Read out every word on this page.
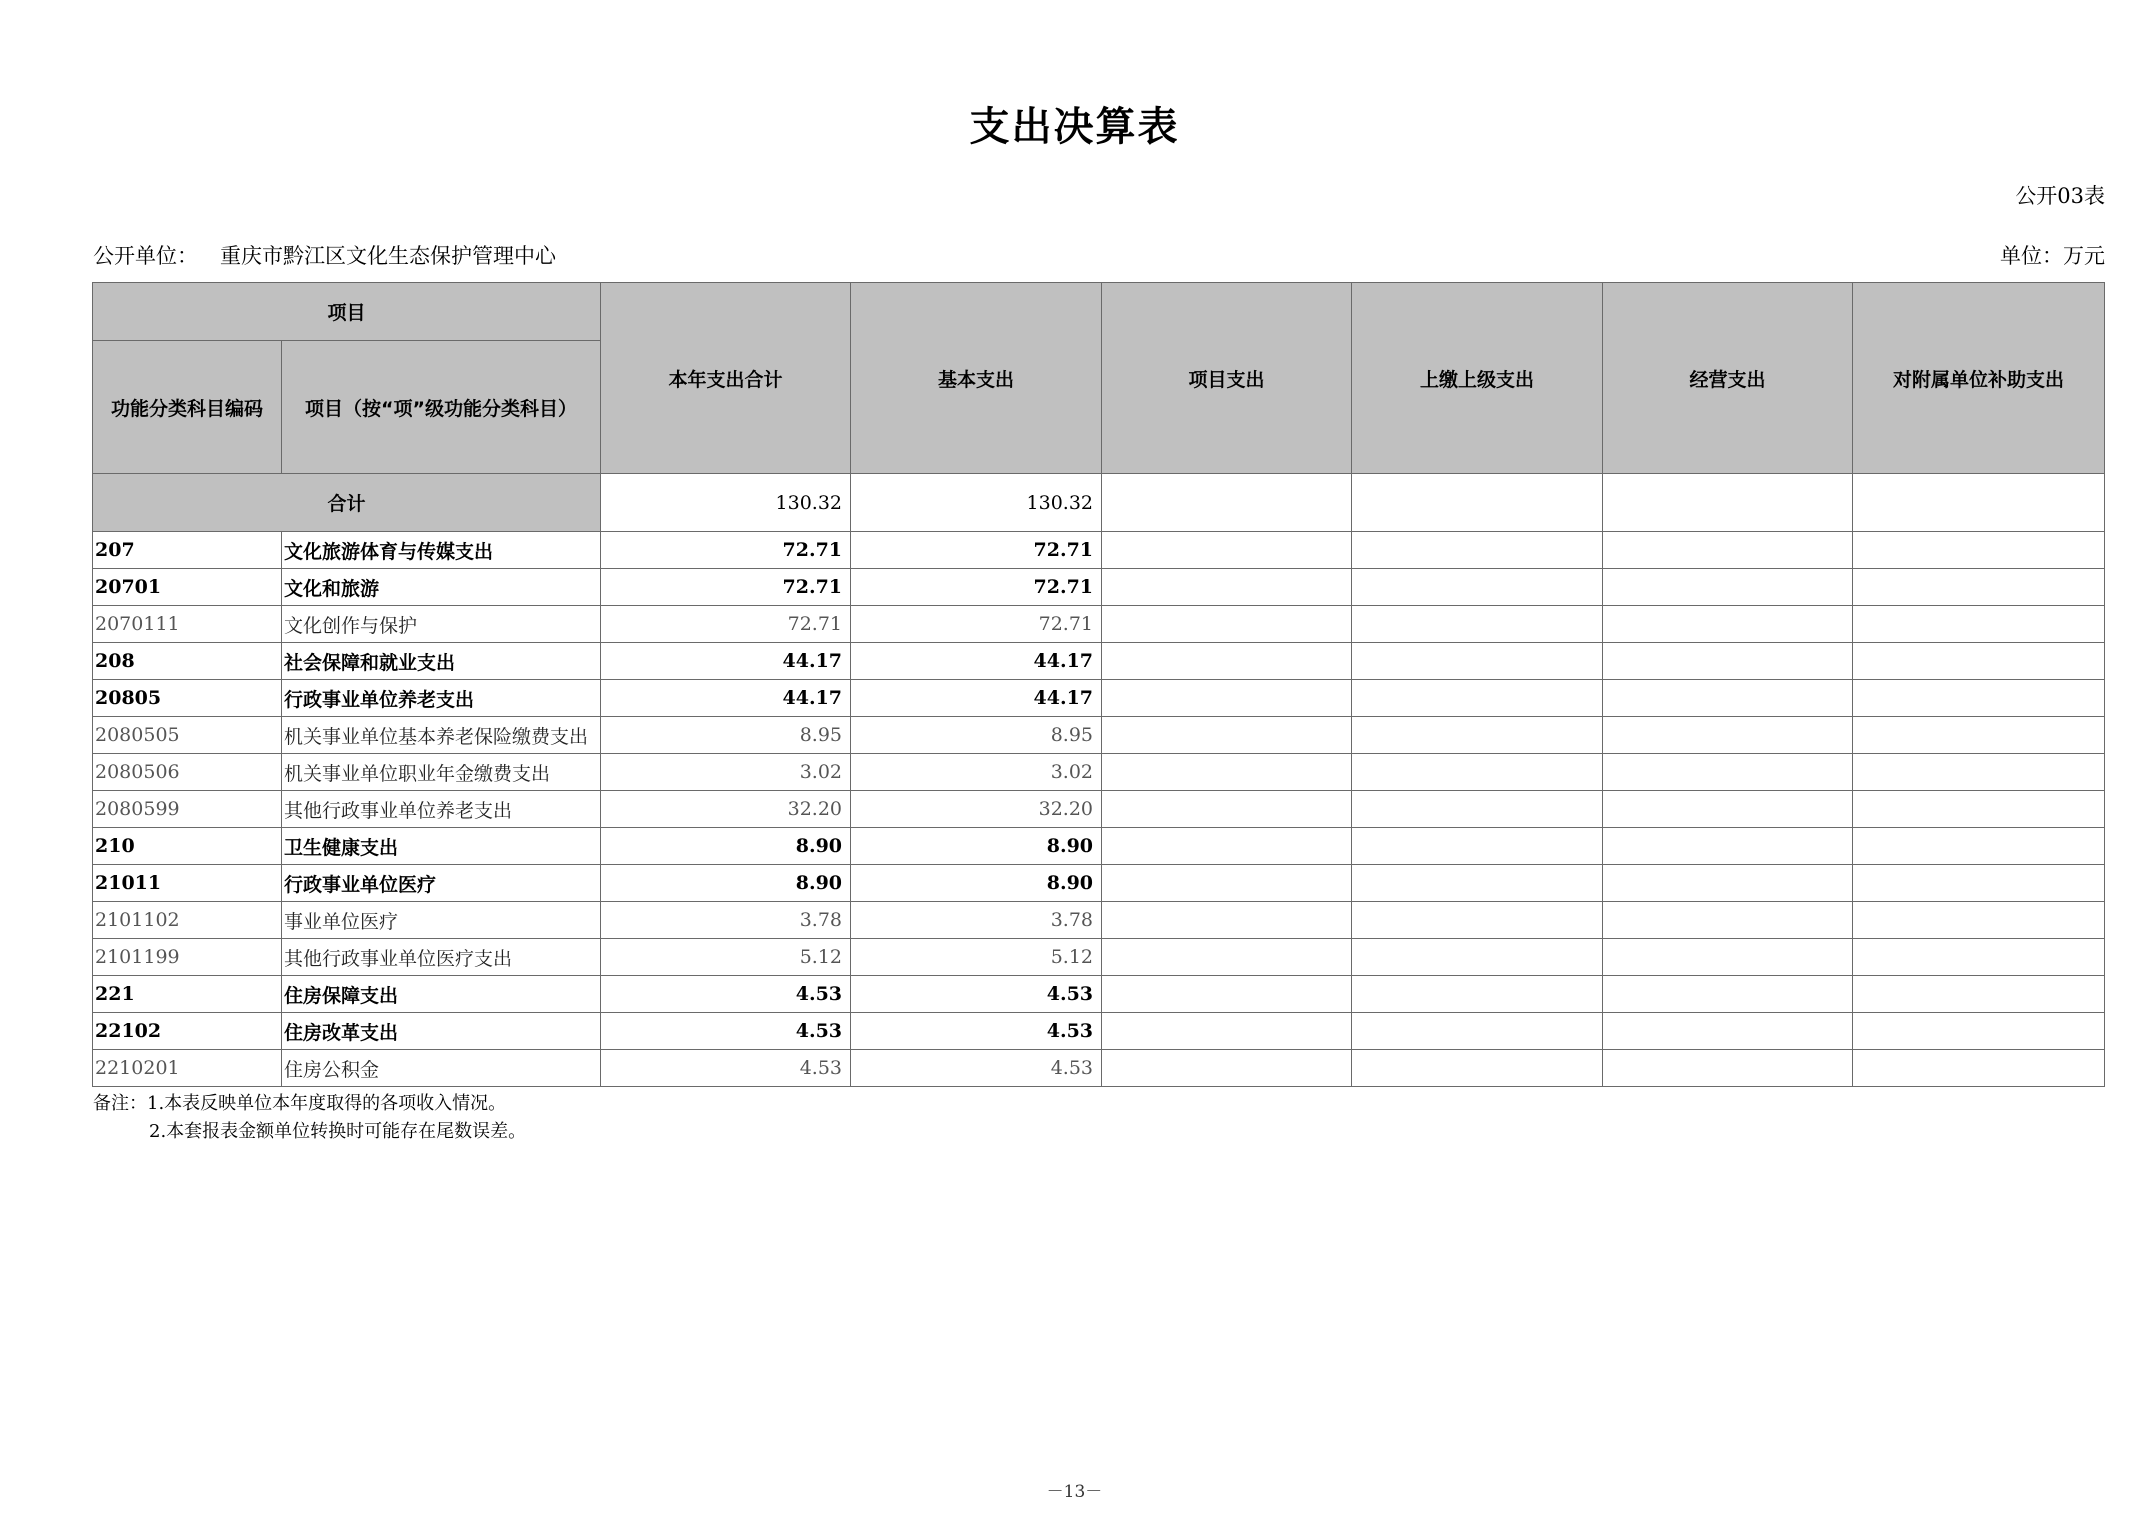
支出决算表
公开03表
公开单位： 重庆市黔江区文化生态保护管理中心	单位：万元
项目		本年支出合计	基本支出	项目支出	上缴上级支出	经营支出	对附属单位补助支出
功能分类科目编码	项目（按“项”级功能分类科目）						
合计		130.32	130.32				
207	文化旅游体育与传媒支出	72.71	72.71				
20701	文化和旅游	72.71	72.71				
2070111	文化创作与保护	72.71	72.71				
208	社会保障和就业支出	44.17	44.17				
20805	行政事业单位养老支出	44.17	44.17				
2080505	机关事业单位基本养老保险缴费支出	8.95	8.95				
2080506	机关事业单位职业年金缴费支出	3.02	3.02				
2080599	其他行政事业单位养老支出	32.20	32.20				
210	卫生健康支出	8.90	8.90				
21011	行政事业单位医疗	8.90	8.90				
2101102	事业单位医疗	3.78	3.78				
2101199	其他行政事业单位医疗支出	5.12	5.12				
221	住房保障支出	4.53	4.53				
22102	住房改革支出	4.53	4.53				
2210201	住房公积金	4.53	4.53				
备注：1.本表反映单位本年度取得的各项收入情况。
2.本套报表金额单位转换时可能存在尾数误差。
－13－
